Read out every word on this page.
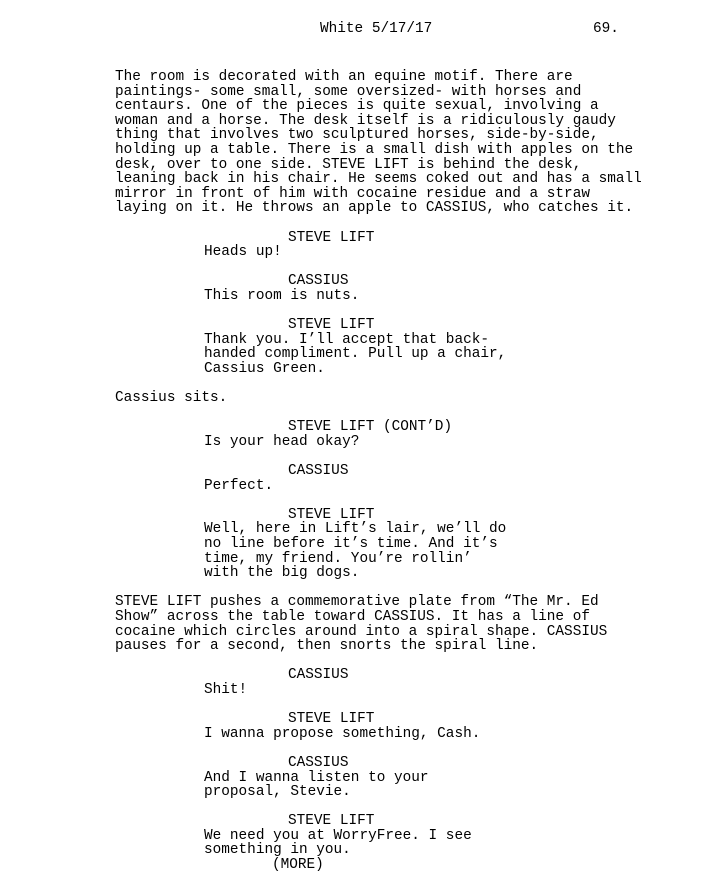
White 5/17/17	69.
The room is decorated with an equine motif. There are
paintings- some small, some oversized- with horses and
centaurs. One of the pieces is quite sexual, involving a
woman and a horse. The desk itself is a ridiculously gaudy
thing that involves two sculptured horses, side-by-side,
holding up a table. There is a small dish with apples on the
desk, over to one side. STEVE LIFT is behind the desk,
leaning back in his chair. He seems coked out and has a small
mirror in front of him with cocaine residue and a straw
laying on it. He throws an apple to CASSIUS, who catches it.
STEVE LIFT
Heads up!
CASSIUS
This room is nuts.
STEVE LIFT
Thank you. I’ll accept that back-
handed compliment. Pull up a chair,
Cassius Green.
Cassius sits.
STEVE LIFT (CONT’D)
Is your head okay?
CASSIUS
Perfect.
STEVE LIFT
Well, here in Lift’s lair, we’ll do
no line before it’s time. And it’s
time, my friend. You’re rollin’
with the big dogs.
STEVE LIFT pushes a commemorative plate from “The Mr. Ed
Show” across the table toward CASSIUS. It has a line of
cocaine which circles around into a spiral shape. CASSIUS
pauses for a second, then snorts the spiral line.
CASSIUS
Shit!
STEVE LIFT
I wanna propose something, Cash.
CASSIUS
And I wanna listen to your
proposal, Stevie.
STEVE LIFT
We need you at WorryFree. I see
something in you.
(MORE)
